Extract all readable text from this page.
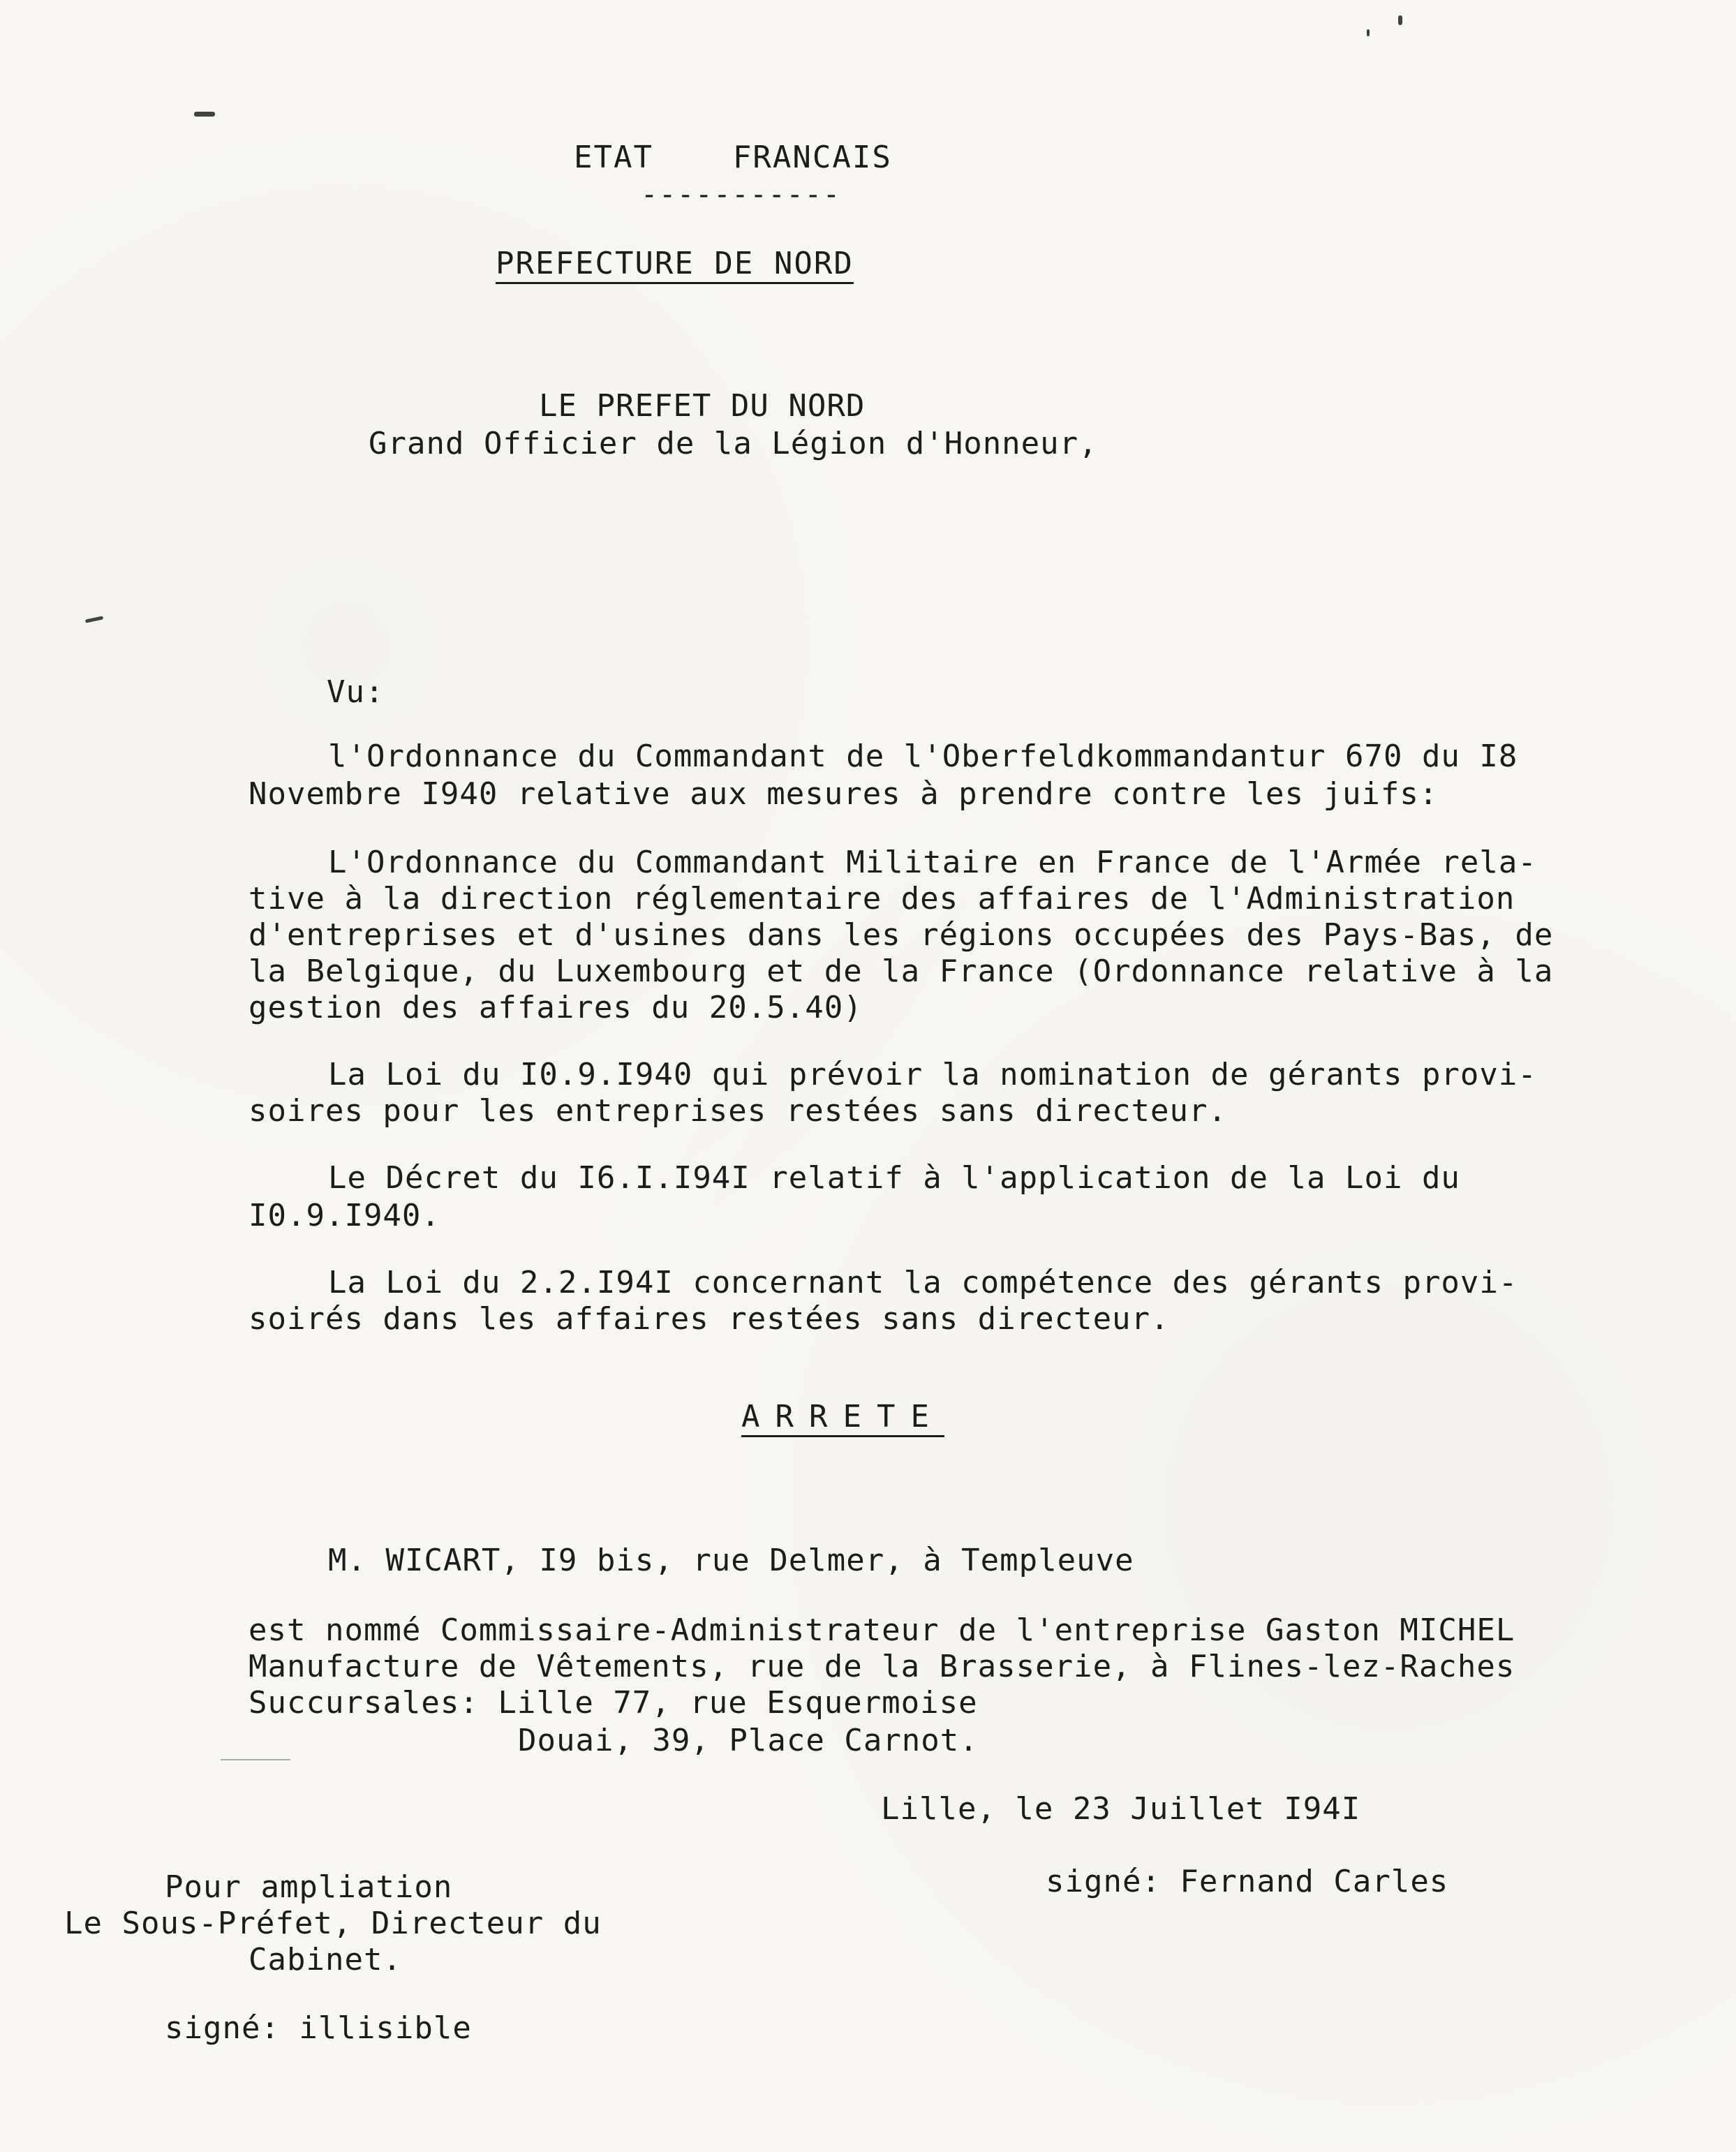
ETAT    FRANCAIS
-----------
PREFECTURE DE NORD
LE PREFET DU NORD
Grand Officier de la Légion d'Honneur,
Vu:
l'Ordonnance du Commandant de l'Oberfeldkommandantur 670 du I8
Novembre I940 relative aux mesures à prendre contre les juifs:
L'Ordonnance du Commandant Militaire en France de l'Armée rela-
tive à la direction réglementaire des affaires de l'Administration
d'entreprises et d'usines dans les régions occupées des Pays-Bas, de
la Belgique, du Luxembourg et de la France (Ordonnance relative à la
gestion des affaires du 20.5.40)
La Loi du I0.9.I940 qui prévoir la nomination de gérants provi-
soires pour les entreprises restées sans directeur.
Le Décret du I6.I.I94I relatif à l'application de la Loi du
I0.9.I940.
La Loi du 2.2.I94I concernant la compétence des gérants provi-
soirés dans les affaires restées sans directeur.
ARRETE
M. WICART, I9 bis, rue Delmer, à Templeuve
est nommé Commissaire-Administrateur de l'entreprise Gaston MICHEL
Manufacture de Vêtements, rue de la Brasserie, à Flines-lez-Raches
Succursales: Lille 77, rue Esquermoise
Douai, 39, Place Carnot.
Lille, le 23 Juillet I94I
signé: Fernand Carles
Pour ampliation
Le Sous-Préfet, Directeur du
Cabinet.
signé: illisible
